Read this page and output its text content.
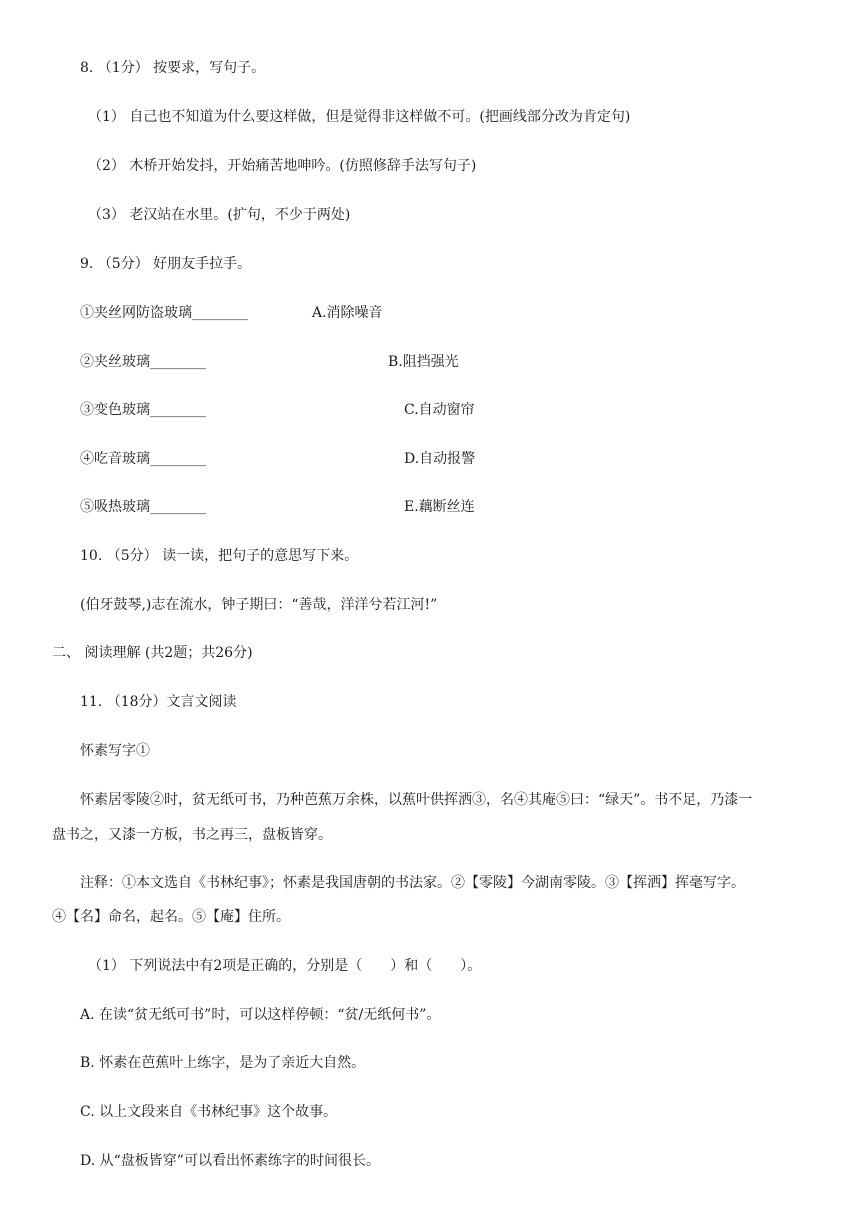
8. （1分） 按要求，写句子。
（1） 自己也不知道为什么要这样做，但是觉得非这样做不可。(把画线部分改为肯定句)
（2） 木桥开始发抖，开始痛苦地呻吟。(仿照修辞手法写句子)
（3） 老汉站在水里。(扩句，不少于两处)
9. （5分） 好朋友手拉手。
①夹丝网防盗玻璃________	A.消除噪音
②夹丝玻璃________	B.阻挡强光
③变色玻璃________	C.自动窗帘
④吃音玻璃________	D.自动报警
⑤吸热玻璃________	E.藕断丝连
10. （5分） 读一读，把句子的意思写下来。
(伯牙鼓琴,)志在流水，钟子期曰：“善哉，洋洋兮若江河!”
二、 阅读理解 (共2题；共26分)
11. （18分）文言文阅读
怀素写字①
怀素居零陵②时，贫无纸可书，乃种芭蕉万余株，以蕉叶供挥洒③，名④其庵⑤曰：“绿天”。书不足，乃漆一
盘书之，又漆一方板，书之再三，盘板皆穿。
注释：①本文选自《书林纪事》；怀素是我国唐朝的书法家。②【零陵】今湖南零陵。③【挥洒】挥毫写字。
④【名】命名，起名。⑤【庵】住所。
（1） 下列说法中有2项是正确的，分别是（　　）和（　　）。
A. 在读“贫无纸可书”时，可以这样停顿：“贫/无纸何书”。
B. 怀素在芭蕉叶上练字，是为了亲近大自然。
C. 以上文段来自《书林纪事》这个故事。
D. 从“盘板皆穿”可以看出怀素练字的时间很长。
